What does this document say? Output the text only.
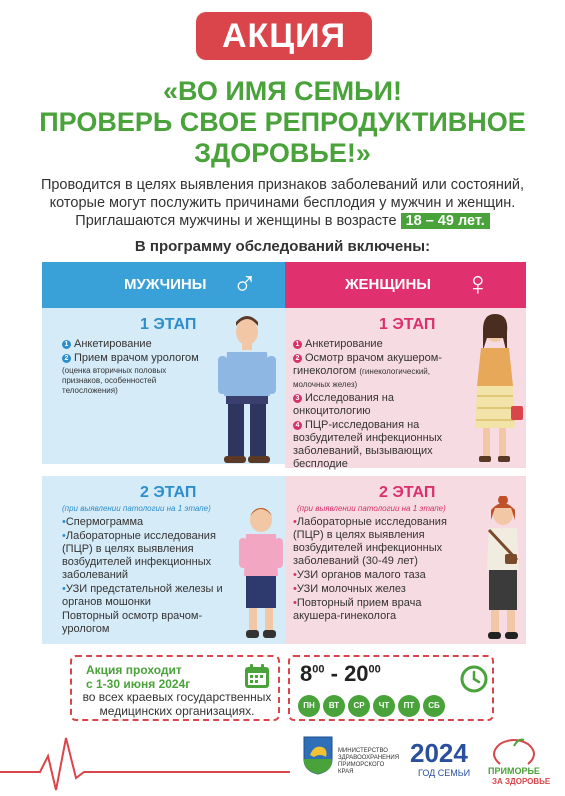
АКЦИЯ
«ВО ИМЯ СЕМЬИ!
ПРОВЕРЬ СВОЕ РЕПРОДУКТИВНОЕ
ЗДОРОВЬЕ!»
Проводится в целях выявления признаков заболеваний или состояний,
которые могут послужить причинами бесплодия у мужчин и женщин.
Приглашаются мужчины и женщины в возрасте 18 – 49 лет.
В программу обследований включены:
МУЖЧИНЫ ♂	ЖЕНЩИНЫ ♀
1 ЭТАП
1 Анкетирование
2 Прием врачом урологом
(оценка вторичных половых признаков, особенностей телосложения)
1 ЭТАП
1 Анкетирование
2 Осмотр врачом акушером-гинекологом (гинекологический, молочных желез)
3 Исследования на онкоцитологию
4 ПЦР-исследования на возбудителей инфекционных заболеваний, вызывающих бесплодие
2 ЭТАП
(при выявлении патологии на 1 этапе)
•Спермограмма
•Лабораторные исследования (ПЦР) в целях выявления возбудителей инфекционных заболеваний
•УЗИ предстательной железы и органов мошонки
Повторный осмотр врачом- урологом
2 ЭТАП
(при выявлении патологии на 1 этапе)
•Лабораторные исследования (ПЦР) в целях выявления возбудителей инфекционных заболеваний (30-49 лет)
•УЗИ органов малого таза
•УЗИ молочных желез
•Повторный прием врача акушера-гинеколога
Акция проходит
с 1-30 июня 2024г
во всех краевых государственных медицинских организациях.
$8^{00} - 20^{00}$
ПН	ВТ	СР	ЧТ	ПТ	СБ
МИНИСТЕРСТВО ЗДРАВООХРАНЕНИЯ ПРИМОРСКОГО КРАЯ
2024
ГОД СЕМЬИ ПРИМОРЬЕ
ЗА ЗДОРОВЬЕ
